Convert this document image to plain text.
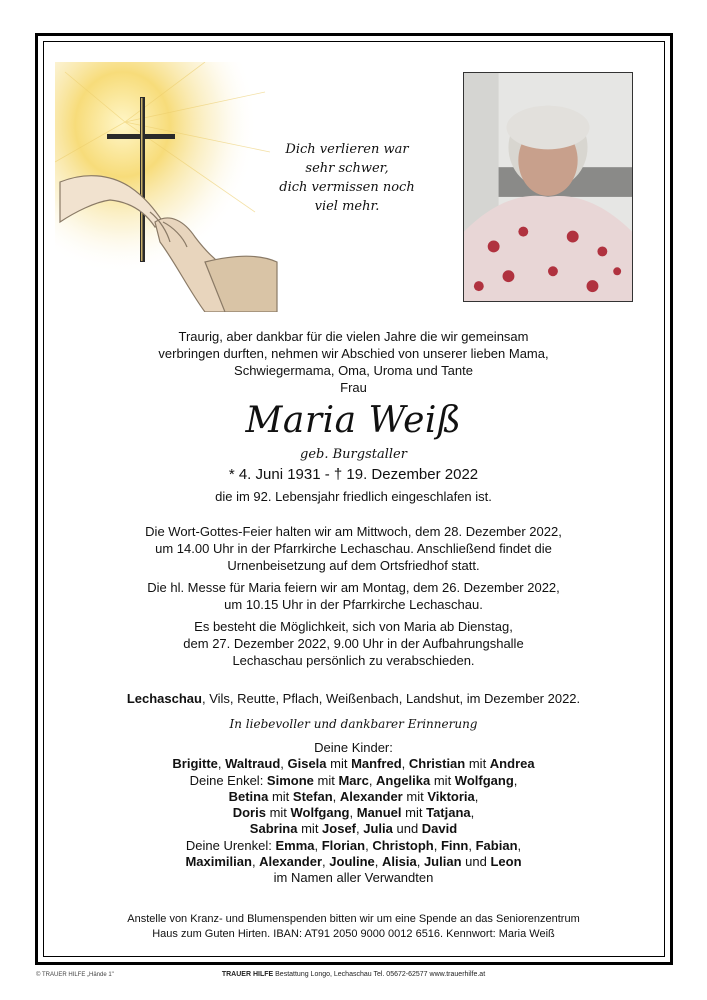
Dich verlieren war
sehr schwer,
dich vermissen noch
viel mehr.
Traurig, aber dankbar für die vielen Jahre die wir gemeinsam
verbringen durften, nehmen wir Abschied von unserer lieben Mama,
Schwiegermama, Oma, Uroma und Tante
Frau
Maria Weiß
geb. Burgstaller
* 4. Juni 1931 - † 19. Dezember 2022
die im 92. Lebensjahr friedlich eingeschlafen ist.
Die Wort-Gottes-Feier halten wir am Mittwoch, dem 28. Dezember 2022,
um 14.00 Uhr in der Pfarrkirche Lechaschau. Anschließend findet die
Urnenbeisetzung auf dem Ortsfriedhof statt.
Die hl. Messe für Maria feiern wir am Montag, dem 26. Dezember 2022,
um 10.15 Uhr in der Pfarrkirche Lechaschau.
Es besteht die Möglichkeit, sich von Maria ab Dienstag,
dem 27. Dezember 2022, 9.00 Uhr in der Aufbahrungshalle
Lechaschau persönlich zu verabschieden.
Lechaschau, Vils, Reutte, Pflach, Weißenbach, Landshut, im Dezember 2022.
In liebevoller und dankbarer Erinnerung
Deine Kinder:
Brigitte, Waltraud, Gisela mit Manfred, Christian mit Andrea
Deine Enkel: Simone mit Marc, Angelika mit Wolfgang,
Betina mit Stefan, Alexander mit Viktoria,
Doris mit Wolfgang, Manuel mit Tatjana,
Sabrina mit Josef, Julia und David
Deine Urenkel: Emma, Florian, Christoph, Finn, Fabian,
Maximilian, Alexander, Jouline, Alisia, Julian und Leon
im Namen aller Verwandten
Anstelle von Kranz- und Blumenspenden bitten wir um eine Spende an das Seniorenzentrum
Haus zum Guten Hirten. IBAN: AT91 2050 9000 0012 6516. Kennwort: Maria Weiß
© TRAUER HILFE „Hände 1"	TRAUER HILFE Bestattung Longo, Lechaschau Tel. 05672-62577 www.trauerhilfe.at
